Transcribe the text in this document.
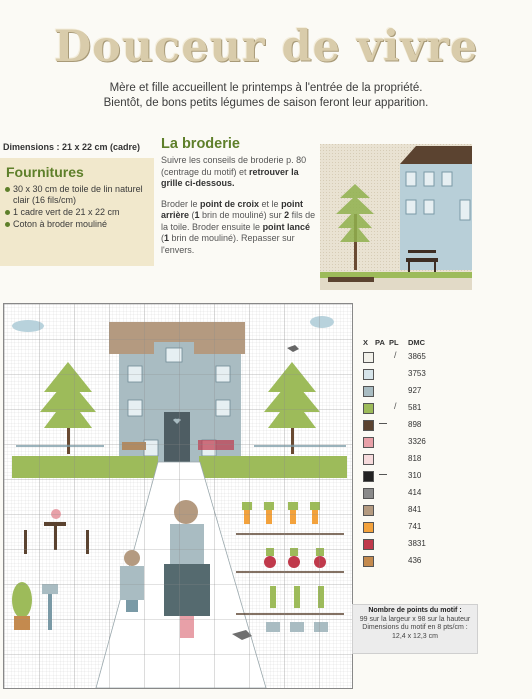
Douceur de vivre
Mère et fille accueillent le printemps à l'entrée de la propriété.
Bientôt, de bons petits légumes de saison feront leur apparition.
Dimensions : 21 x 22 cm (cadre)
Fournitures
30 x 30 cm de toile de lin naturel clair (16 fils/cm)
1 cadre vert de 21 x 22 cm
Coton à broder mouliné
La broderie

Suivre les conseils de broderie p. 80 (centrage du motif) et retrouver la grille ci-dessous.

Broder le point de croix et le point arrière (1 brin de mouliné) sur 2 fils de la toile. Broder ensuite le point lancé (1 brin de mouliné). Repasser sur l'envers.

X PA PL DMC
/ 3865
3753
927
/ 581
898
3326
818
310
414
841
741
3831
436
Nombre de points du motif :
99 sur la largeur x 98 sur la hauteur
Dimensions du motif en 8 pts/cm :
12,4 x 12,3 cm
